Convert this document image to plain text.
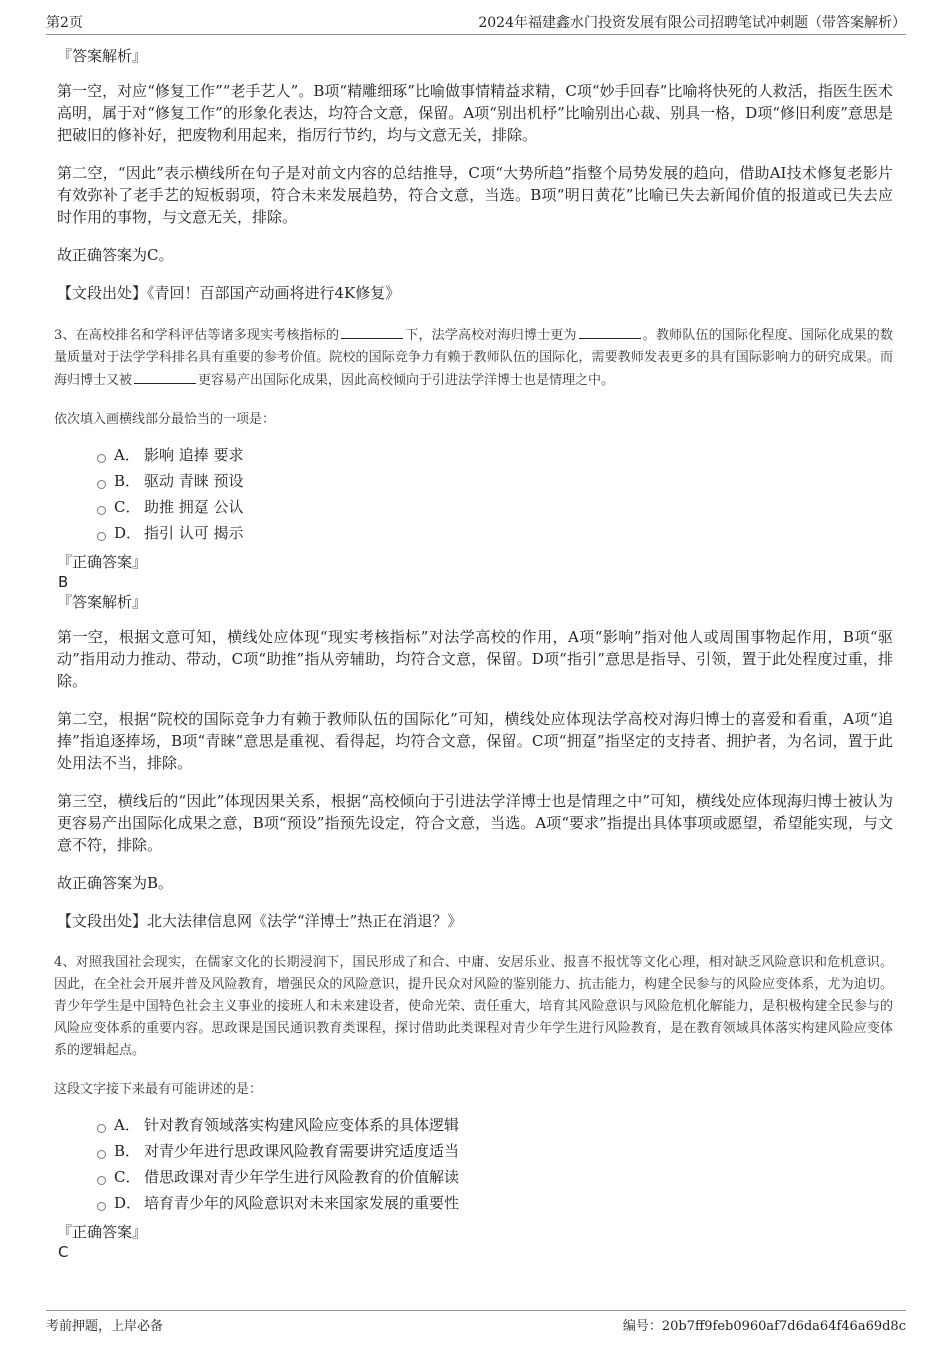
第2页	2024年福建鑫水门投资发展有限公司招聘笔试冲刺题（带答案解析）

『答案解析』

第一空，对应“修复工作”“老手艺人”。B项“精雕细琢”比喻做事情精益求精，C项“妙手回春”比喻将快死的人救活，指医生医术高明，属于对“修复工作”的形象化表达，均符合文意，保留。A项“别出机杼”比喻别出心裁、别具一格，D项“修旧利废”意思是把破旧的修补好，把废物利用起来，指厉行节约，均与文意无关，排除。

第二空，“因此”表示横线所在句子是对前文内容的总结推导，C项“大势所趋”指整个局势发展的趋向，借助AI技术修复老影片有效弥补了老手艺的短板弱项，符合未来发展趋势，符合文意，当选。B项“明日黄花”比喻已失去新闻价值的报道或已失去应时作用的事物，与文意无关，排除。

故正确答案为C。

【文段出处】《青回！百部国产动画将进行4K修复》

3、在高校排名和学科评估等诸多现实考核指标的	下，法学高校对海归博士更为	。教师队伍的国际化程度、国际化成果的数量质量对于法学学科排名具有重要的参考价值。院校的国际竞争力有赖于教师队伍的国际化，需要教师发表更多的具有国际影响力的研究成果。而海归博士又被	更容易产出国际化成果，因此高校倾向于引进法学洋博士也是情理之中。

依次填入画横线部分最恰当的一项是：

A． 影响 追捧 要求
B． 驱动 青睐 预设
C． 助推 拥趸 公认
D． 指引 认可 揭示

『正确答案』

B

『答案解析』

第一空，根据文意可知，横线处应体现“现实考核指标”对法学高校的作用，A项“影响”指对他人或周围事物起作用，B项“驱动”指用动力推动、带动，C项“助推”指从旁辅助，均符合文意，保留。D项“指引”意思是指导、引领，置于此处程度过重，排除。

第二空，根据“院校的国际竞争力有赖于教师队伍的国际化”可知，横线处应体现法学高校对海归博士的喜爱和看重，A项“追捧”指追逐捧场，B项“青睐”意思是重视、看得起，均符合文意，保留。C项“拥趸”指坚定的支持者、拥护者，为名词，置于此处用法不当，排除。

第三空，横线后的“因此”体现因果关系，根据“高校倾向于引进法学洋博士也是情理之中”可知，横线处应体现海归博士被认为更容易产出国际化成果之意，B项“预设”指预先设定，符合文意，当选。A项“要求”指提出具体事项或愿望，希望能实现，与文意不符，排除。

故正确答案为B。

【文段出处】北大法律信息网《法学“洋博士”热正在消退？》

4、对照我国社会现实，在儒家文化的长期浸润下，国民形成了和合、中庸、安居乐业、报喜不报忧等文化心理，相对缺乏风险意识和危机意识。因此，在全社会开展并普及风险教育，增强民众的风险意识，提升民众对风险的鉴别能力、抗击能力，构建全民参与的风险应变体系，尤为迫切。青少年学生是中国特色社会主义事业的接班人和未来建设者，使命光荣、责任重大，培育其风险意识与风险危机化解能力，是积极构建全民参与的风险应变体系的重要内容。思政课是国民通识教育类课程，探讨借助此类课程对青少年学生进行风险教育，是在教育领域具体落实构建风险应变体系的逻辑起点。

这段文字接下来最有可能讲述的是：

A． 针对教育领域落实构建风险应变体系的具体逻辑
B． 对青少年进行思政课风险教育需要讲究适度适当
C． 借思政课对青少年学生进行风险教育的价值解读
D． 培育青少年的风险意识对未来国家发展的重要性

『正确答案』

C

考前押题，上岸必备	编号：20b7ff9feb0960af7d6da64f46a69d8c
